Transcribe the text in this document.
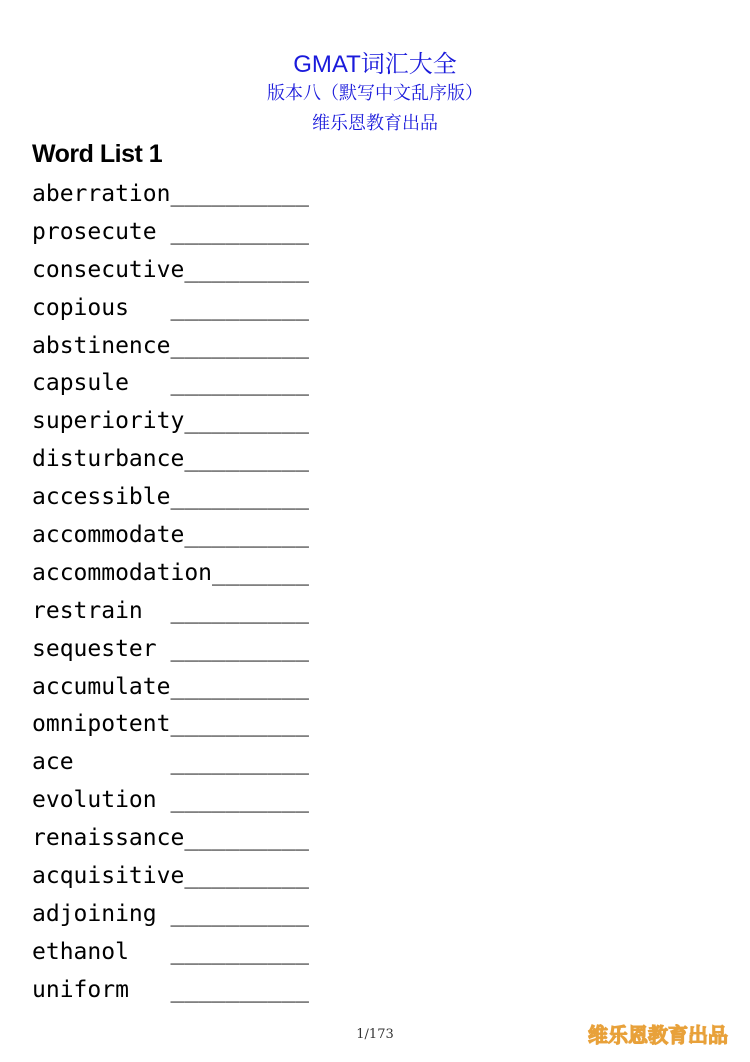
GMAT词汇大全
版本八（默写中文乱序版）
维乐恩教育出品
Word List 1
aberration__________
prosecute __________
consecutive_________
copious   __________
abstinence__________
capsule   __________
superiority_________
disturbance_________
accessible__________
accommodate_________
accommodation_______
restrain  __________
sequester __________
accumulate__________
omnipotent__________
ace       __________
evolution __________
renaissance_________
acquisitive_________
adjoining __________
ethanol   __________
uniform   __________
1/173	维乐恩教育出品
